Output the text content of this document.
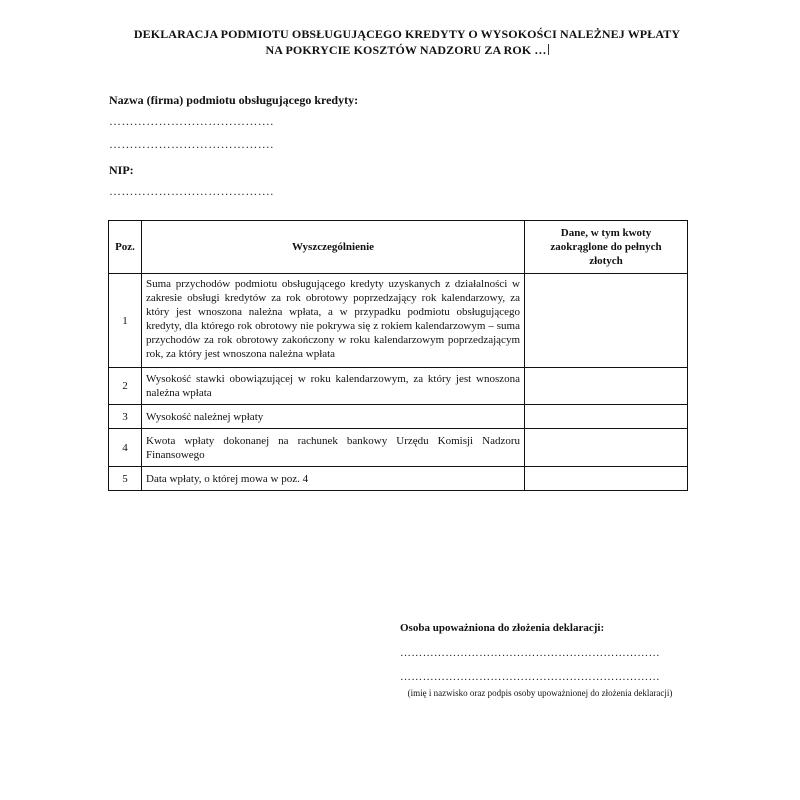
DEKLARACJA PODMIOTU OBSŁUGUJĄCEGO KREDYTY O WYSOKOŚCI NALEŻNEJ WPŁATY
NA POKRYCIE KOSZTÓW NADZORU ZA ROK …
Nazwa (firma) podmiotu obsługującego kredyty:
………………………………….
………………………………….
NIP:
………………………………….
Poz.	Wyszczególnienie	Dane, w tym kwoty zaokrąglone do pełnych złotych
1	Suma przychodów podmiotu obsługującego kredyty uzyskanych z działalności w zakresie obsługi kredytów za rok obrotowy poprzedzający rok kalendarzowy, za który jest wnoszona należna wpłata, a w przypadku podmiotu obsługującego kredyty, dla którego rok obrotowy nie pokrywa się z rokiem kalendarzowym – suma przychodów za rok obrotowy zakończony w roku kalendarzowym poprzedzającym rok, za który jest wnoszona należna wpłata	
2	Wysokość stawki obowiązującej w roku kalendarzowym, za który jest wnoszona należna wpłata	
3	Wysokość należnej wpłaty	
4	Kwota wpłaty dokonanej na rachunek bankowy Urzędu Komisji Nadzoru Finansowego	
5	Data wpłaty, o której mowa w poz. 4	
Osoba upoważniona do złożenia deklaracji:
……………………………………………………………
……………………………………………………………
(imię i nazwisko oraz podpis osoby upoważnionej do złożenia deklaracji)
